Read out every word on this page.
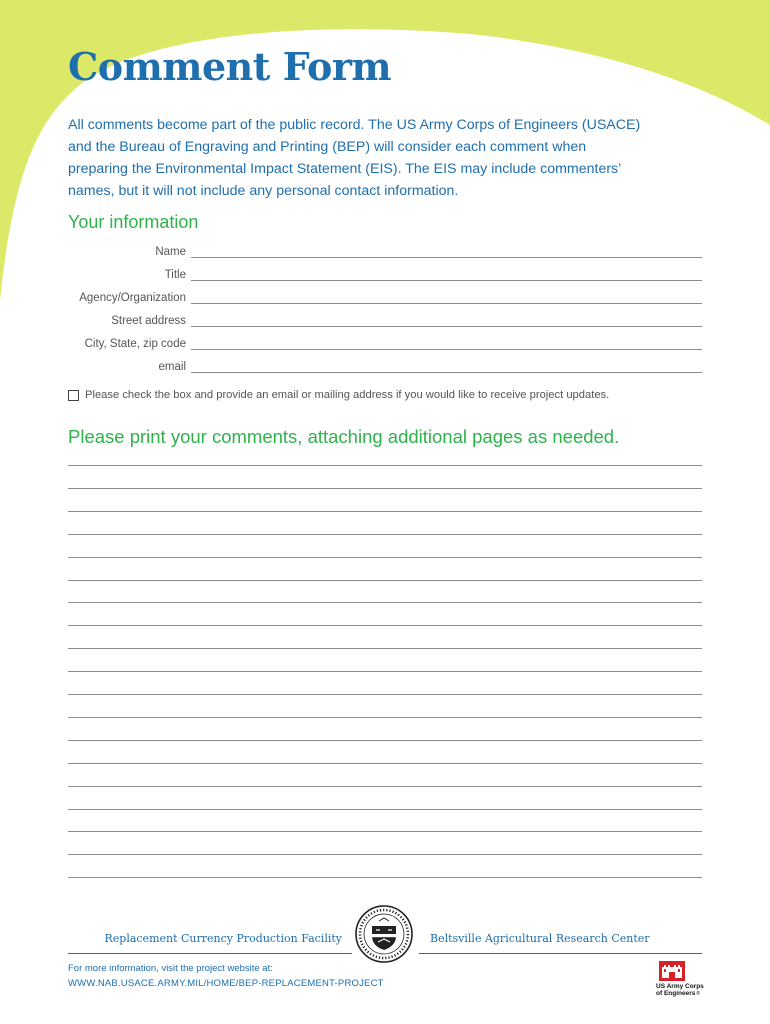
Comment Form

All comments become part of the public record. The US Army Corps of Engineers (USACE) and the Bureau of Engraving and Printing (BEP) will consider each comment when preparing the Environmental Impact Statement (EIS). The EIS may include commenters’ names, but it will not include any personal contact information.

Your information
Name
Title
Agency/Organization
Street address
City, State, zip code
email
Please check the box and provide an email or mailing address if you would like to receive project updates.
Please print your comments, attaching additional pages as needed.
Replacement Currency Production Facility	Beltsville Agricultural Research Center
For more information, visit the project website at:
WWW.NAB.USACE.ARMY.MIL/HOME/BEP-REPLACEMENT-PROJECT	US Army Corps
of Engineers®
